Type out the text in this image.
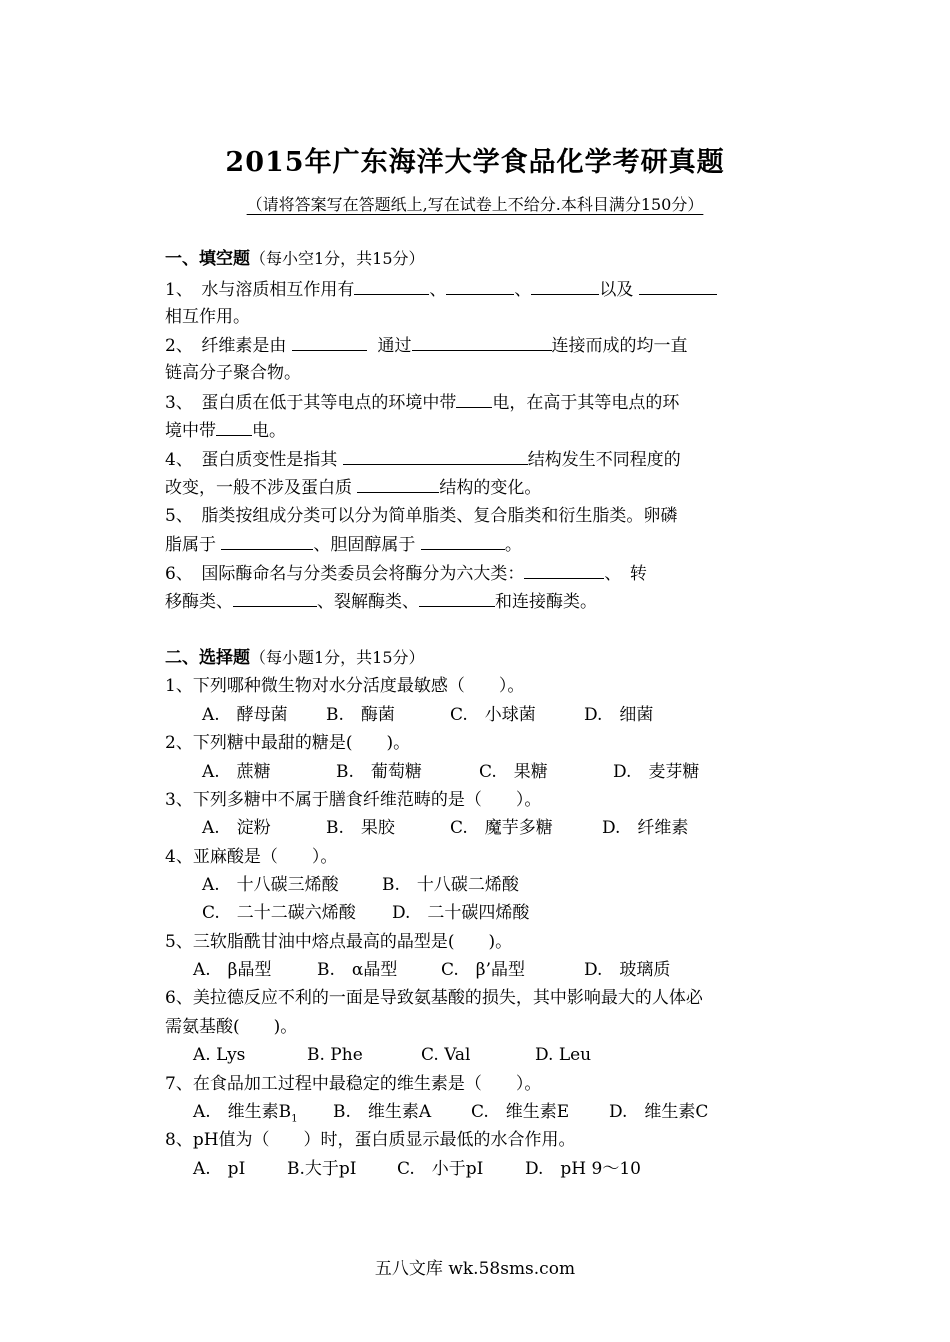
2015年广东海洋大学食品化学考研真题
（请将答案写在答题纸上,写在试卷上不给分.本科目满分150分）
一、填空题（每小空1分，共15分）
1、　水与溶质相互作用有	、	、	以及
相互作用。
2、　纤维素是由	通过	连接而成的均一直
链高分子聚合物。
3、　蛋白质在低于其等电点的环境中带 电，在高于其等电点的环
境中带 电。
4、　蛋白质变性是指其	结构发生不同程度的
改变，一般不涉及蛋白质	结构的变化。
5、　脂类按组成分类可以分为简单脂类、复合脂类和衍生脂类。卵磷
脂属于	、胆固醇属于	。
6、　国际酶命名与分类委员会将酶分为六大类：	、　转
移酶类、	、裂解酶类、	和连接酶类。
二、选择题（每小题1分，共15分）
1、下列哪种微生物对水分活度最敏感（　　）。
A.　酵母菌 B.　酶菌	C.　小球菌	D.　细菌
2、下列糖中最甜的糖是(　　)。
A.　蔗糖	B.　葡萄糖	C.　果糖	D.　麦芽糖
3、下列多糖中不属于膳食纤维范畴的是（　　）。
A.　淀粉	B.　果胶	C.　魔芋多糖	D.　纤维素
4、亚麻酸是（　　）。
A.　十八碳三烯酸	B.　十八碳二烯酸
C.　二十二碳六烯酸 D.　二十碳四烯酸
5、三软脂酰甘油中熔点最高的晶型是(　　)。
A.　β晶型	B.　α晶型	C.　β’晶型	D.　玻璃质
6、美拉德反应不利的一面是导致氨基酸的损失，其中影响最大的人体必
需氨基酸(　　)。
A. Lys	B. Phe	C. Val	D. Leu
7、在食品加工过程中最稳定的维生素是（　　）。
A.　维生素$B_1$ B.　维生素A C.　维生素E D.　维生素C
8、pH值为（　　）时，蛋白质显示最低的水合作用。
A.　pI B.大于pI C.　小于pI D.　pH 9～10
五八文库 wk.58sms.com
